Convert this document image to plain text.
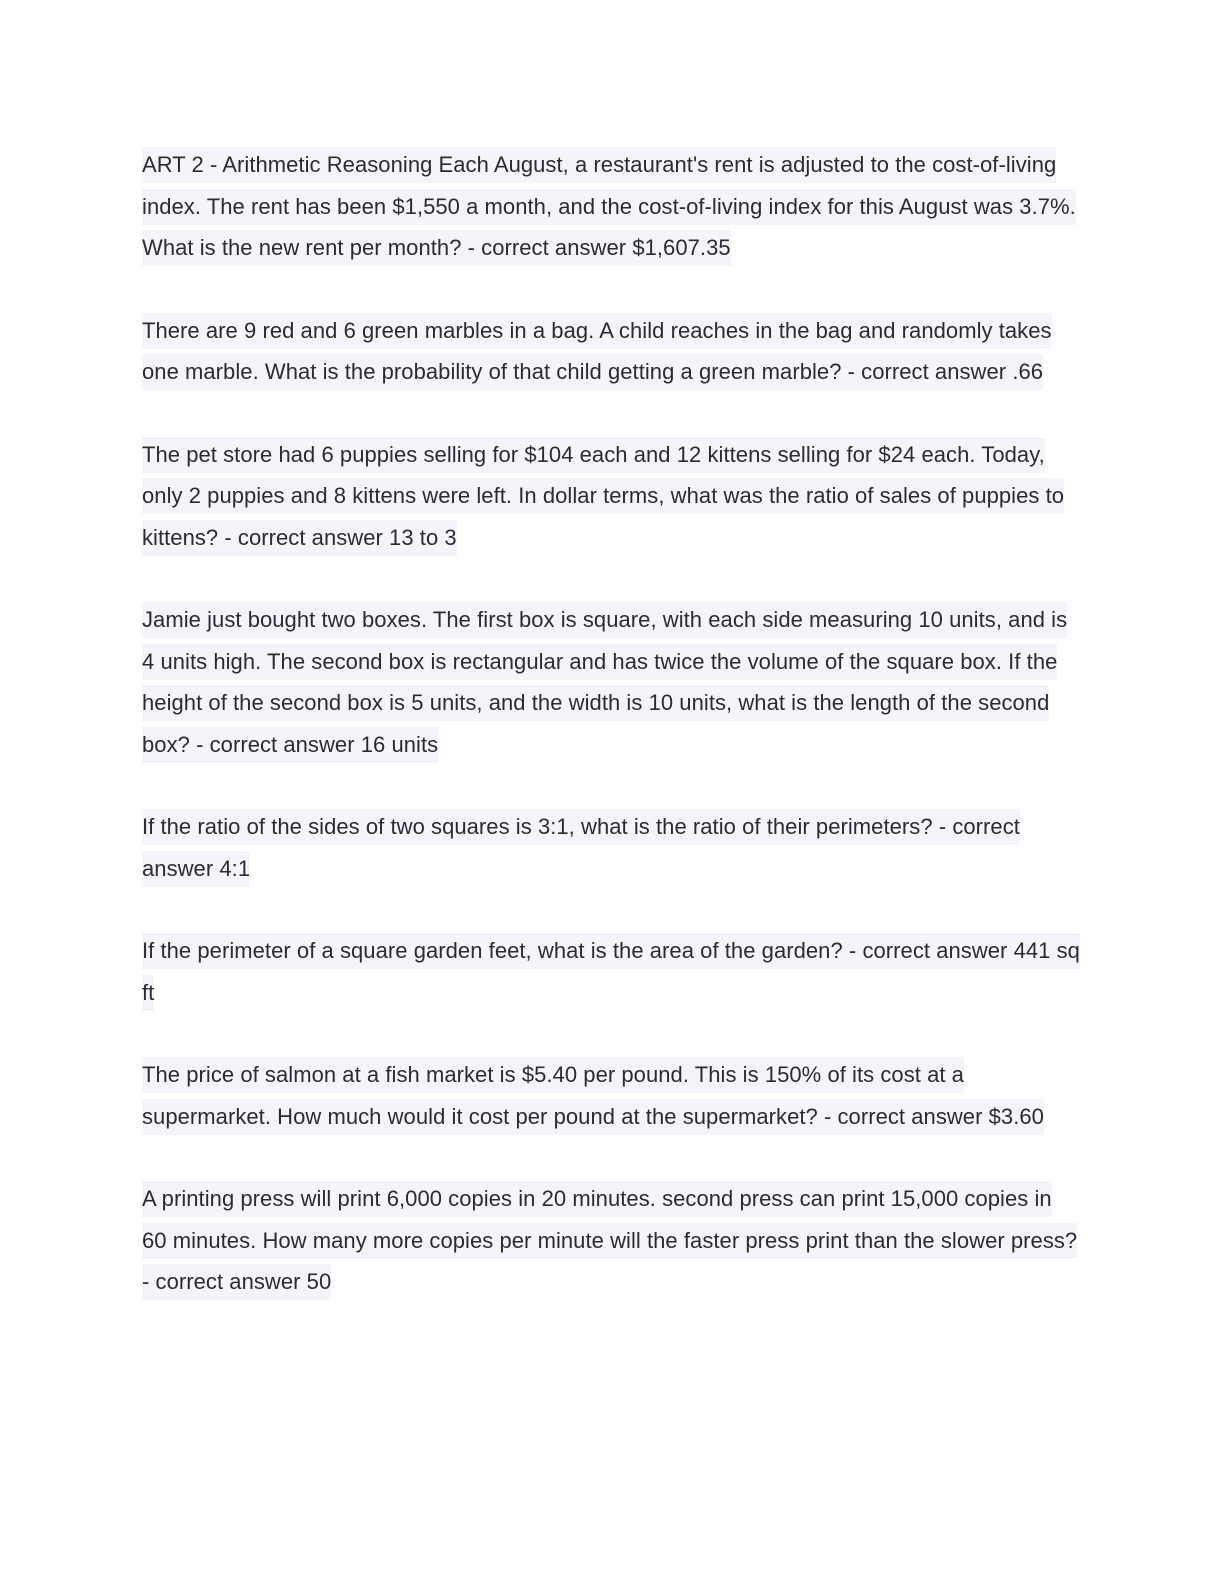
ART 2 - Arithmetic Reasoning Each August, a restaurant's rent is adjusted to the cost-of-living index. The rent has been $1,550 a month, and the cost-of-living index for this August was 3.7%. What is the new rent per month? - correct answer $1,607.35

There are 9 red and 6 green marbles in a bag. A child reaches in the bag and randomly takes one marble. What is the probability of that child getting a green marble? - correct answer .66

The pet store had 6 puppies selling for $104 each and 12 kittens selling for $24 each. Today, only 2 puppies and 8 kittens were left. In dollar terms, what was the ratio of sales of puppies to kittens? - correct answer 13 to 3

Jamie just bought two boxes. The first box is square, with each side measuring 10 units, and is 4 units high. The second box is rectangular and has twice the volume of the square box. If the height of the second box is 5 units, and the width is 10 units, what is the length of the second box? - correct answer 16 units

If the ratio of the sides of two squares is 3:1, what is the ratio of their perimeters? - correct answer 4:1

If the perimeter of a square garden feet, what is the area of the garden? - correct answer 441 sq ft

The price of salmon at a fish market is $5.40 per pound. This is 150% of its cost at a supermarket. How much would it cost per pound at the supermarket? - correct answer $3.60

A printing press will print 6,000 copies in 20 minutes. second press can print 15,000 copies in 60 minutes. How many more copies per minute will the faster press print than the slower press? - correct answer 50
